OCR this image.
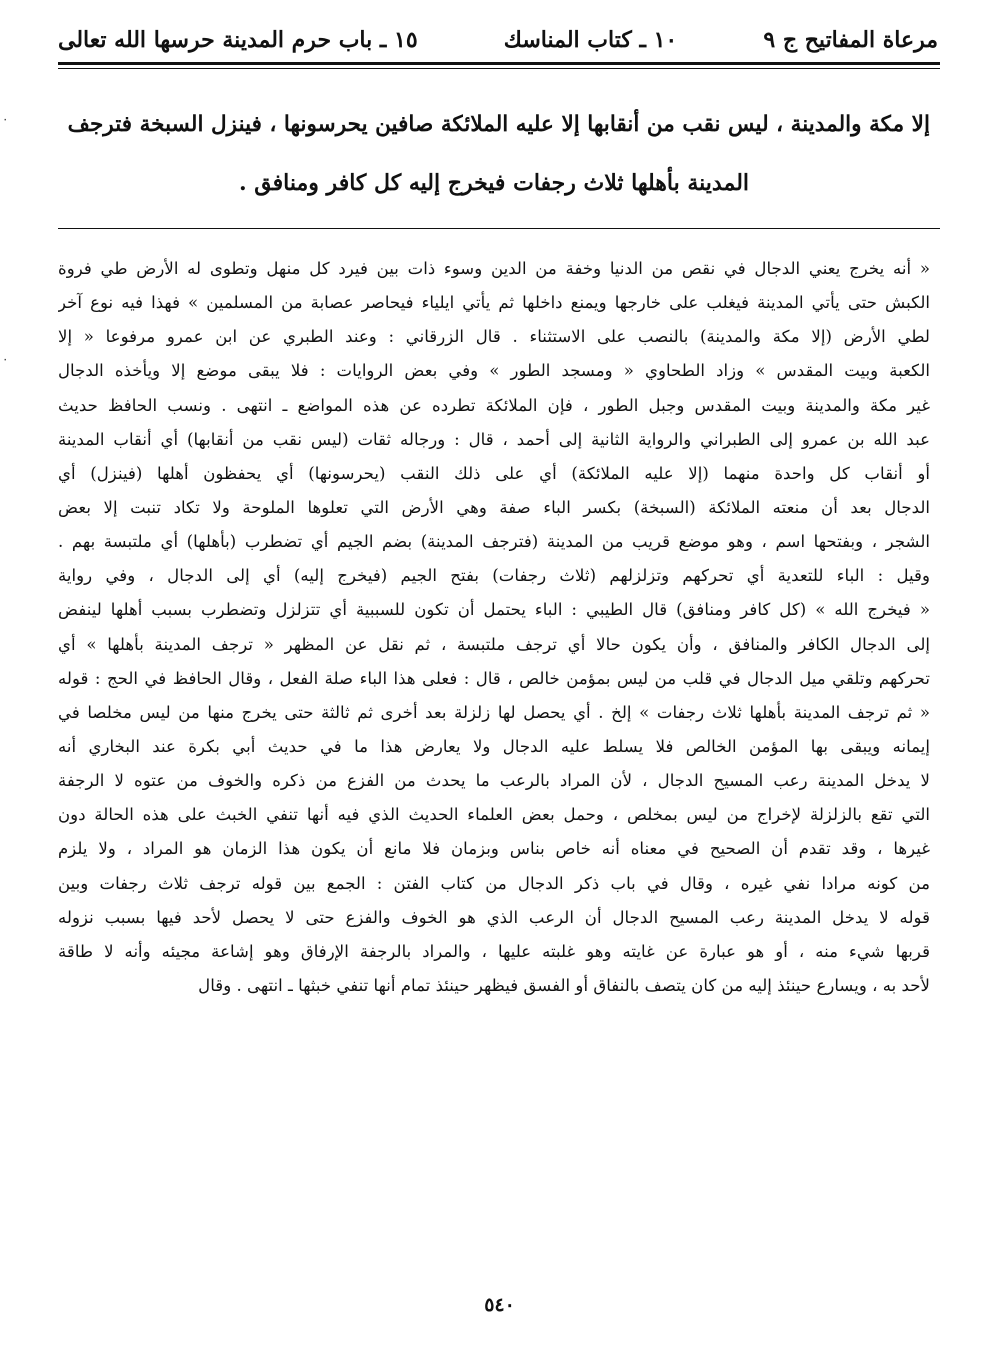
مرعاة المفاتيح ج ٩
١٠ ـ كتاب المناسك
١٥ ـ باب حرم المدينة حرسها الله تعالى

إلا مكة والمدينة ، ليس نقب من أنقابها إلا عليه الملائكة صافين يحرسونها ، فينزل السبخة فترجف

المدينة بأهلها ثلاث رجفات فيخرج إليه كل كافر ومنافق .

« أنه يخرج يعني الدجال في نقص من الدنيا وخفة من الدين وسوء ذات بين فيرد كل منهل وتطوى له الأرض طي فروة
الكبش حتى يأتي المدينة فيغلب على خارجها ويمنع داخلها ثم يأتي ايلياء فيحاصر عصابة من المسلمين » فهذا فيه نوع آخر
لطي الأرض (إلا مكة والمدينة) بالنصب على الاستثناء . قال الزرقاني : وعند الطبري عن ابن عمرو مرفوعا « إلا
الكعبة وبيت المقدس » وزاد الطحاوي « ومسجد الطور » وفي بعض الروايات : فلا يبقى موضع إلا ويأخذه الدجال
غير مكة والمدينة وبيت المقدس وجبل الطور ، فإن الملائكة تطرده عن هذه المواضع ـ انتهى . ونسب الحافظ حديث
عبد الله بن عمرو إلى الطبراني والرواية الثانية إلى أحمد ، قال : ورجاله ثقات (ليس نقب من أنقابها) أي أنقاب المدينة
أو أنقاب كل واحدة منهما (إلا عليه الملائكة) أي على ذلك النقب (يحرسونها) أي يحفظون أهلها (فينزل) أي
الدجال بعد أن منعته الملائكة (السبخة) بكسر الباء صفة وهي الأرض التي تعلوها الملوحة ولا تكاد تنبت إلا بعض
الشجر ، وبفتحها اسم ، وهو موضع قريب من المدينة (فترجف المدينة) بضم الجيم أي تضطرب (بأهلها) أي ملتبسة بهم .
وقيل : الباء للتعدية أي تحركهم وتزلزلهم (ثلاث رجفات) بفتح الجيم (فيخرج إليه) أي إلى الدجال ، وفي رواية
« فيخرج الله » (كل كافر ومنافق) قال الطيبي : الباء يحتمل أن تكون للسببية أي تتزلزل وتضطرب بسبب أهلها لينفض
إلى الدجال الكافر والمنافق ، وأن يكون حالا أي ترجف ملتبسة ، ثم نقل عن المظهر « ترجف المدينة بأهلها » أي
تحركهم وتلقي ميل الدجال في قلب من ليس بمؤمن خالص ، قال : فعلى هذا الباء صلة الفعل ، وقال الحافظ في الحج : قوله
« ثم ترجف المدينة بأهلها ثلاث رجفات » إلخ . أي يحصل لها زلزلة بعد أخرى ثم ثالثة حتى يخرج منها من ليس مخلصا في
إيمانه ويبقى بها المؤمن الخالص فلا يسلط عليه الدجال ولا يعارض هذا ما في حديث أبي بكرة عند البخاري أنه
لا يدخل المدينة رعب المسيح الدجال ، لأن المراد بالرعب ما يحدث من الفزع من ذكره والخوف من عتوه لا الرجفة
التي تقع بالزلزلة لإخراج من ليس بمخلص ، وحمل بعض العلماء الحديث الذي فيه أنها تنفي الخبث على هذه الحالة دون
غيرها ، وقد تقدم أن الصحيح في معناه أنه خاص بناس وبزمان فلا مانع أن يكون هذا الزمان هو المراد ، ولا يلزم
من كونه مرادا نفي غيره ، وقال في باب ذكر الدجال من كتاب الفتن : الجمع بين قوله ترجف ثلاث رجفات وبين
قوله لا يدخل المدينة رعب المسيح الدجال أن الرعب الذي هو الخوف والفزع حتى لا يحصل لأحد فيها بسبب نزوله
قربها شيء منه ، أو هو عبارة عن غايته وهو غلبته عليها ، والمراد بالرجفة الإرفاق وهو إشاعة مجيئه وأنه لا طاقة
لأحد به ، ويسارع حينئذ إليه من كان يتصف بالنفاق أو الفسق فيظهر حينئذ تمام أنها تنفي خبثها ـ انتهى . وقال
٥٤٠
٠
٠
